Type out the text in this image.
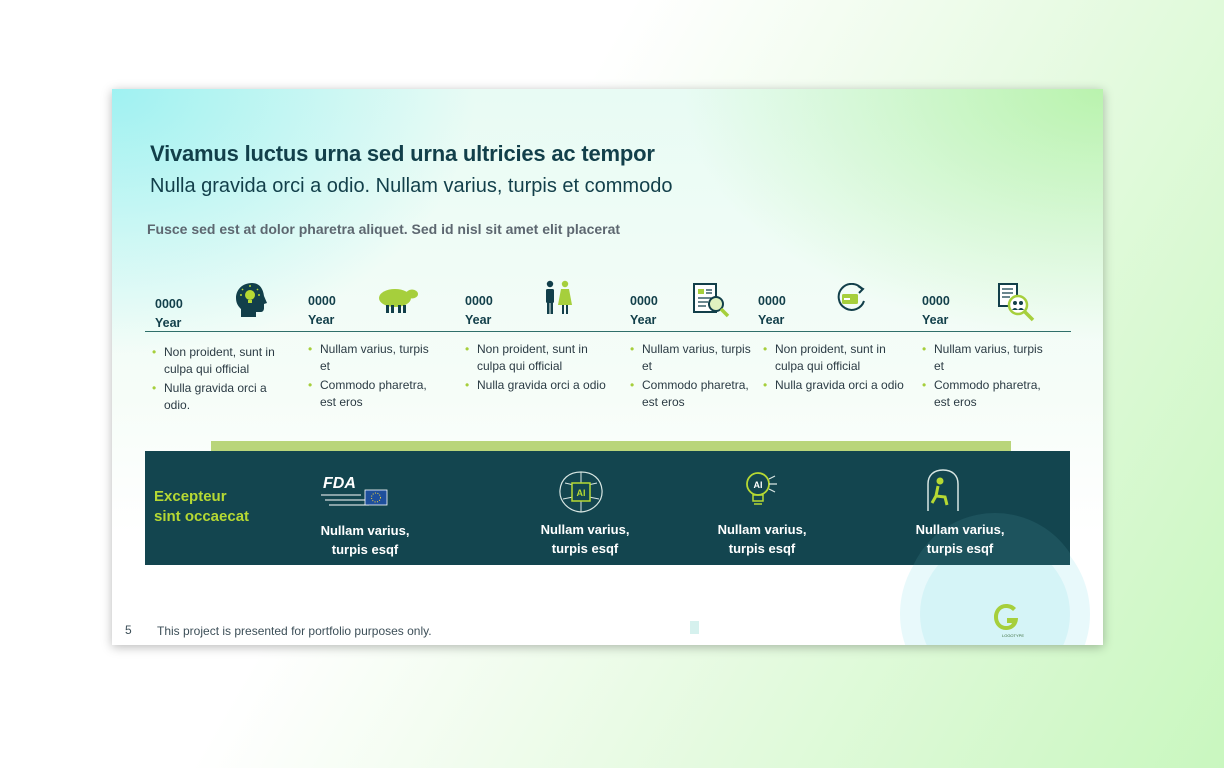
Vivamus luctus urna sed urna ultricies ac tempor
Nulla gravida orci a odio. Nullam varius, turpis et commodo
Fusce sed est at dolor pharetra aliquet. Sed id nisl sit amet elit placerat
0000
Year
0000
Year
0000
Year
0000
Year
0000
Year
0000
Year
• Non proident, sunt in culpa qui official
• Nulla gravida orci a odio.
• Nullam varius, turpis et
• Commodo pharetra, est eros
• Non proident, sunt in culpa qui official
• Nulla gravida orci a odio
• Nullam varius, turpis et
• Commodo pharetra, est eros
• Non proident, sunt in culpa qui official
• Nulla gravida orci a odio
• Nullam varius, turpis et
• Commodo pharetra, est eros
Excepteur
sint occaecat
FDA
AI
AI
Nullam varius,
turpis esqf
Nullam varius,
turpis esqf
Nullam varius,
turpis esqf
Nullam varius,
turpis esqf
5 This project is presented for portfolio purposes only.	LOGOTYPE
